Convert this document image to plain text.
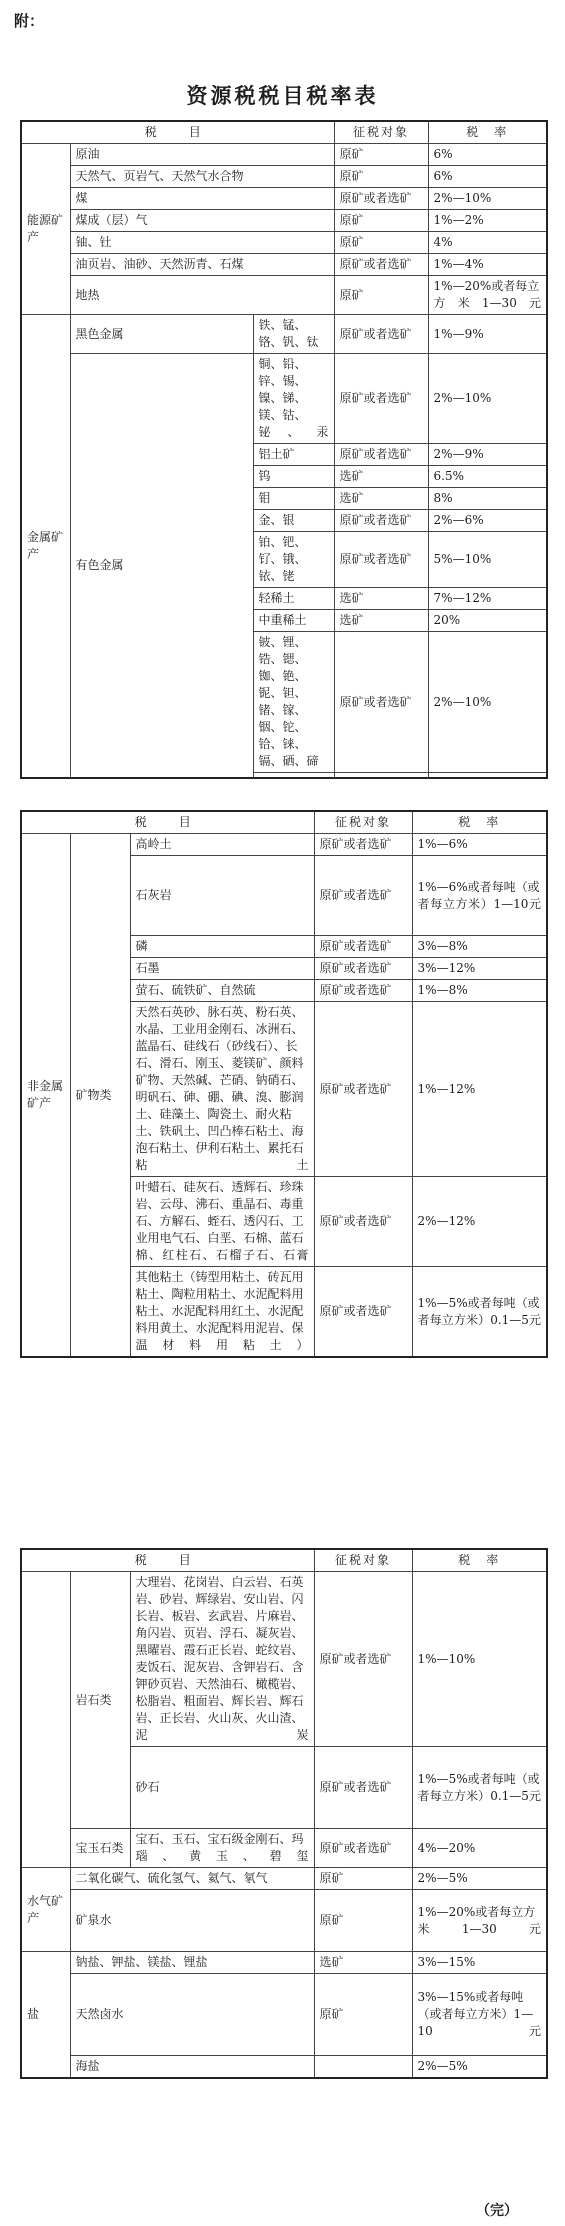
附：
资源税税目税率表
税　目			征税对象	税　率
能源矿产	原油		原矿	6%
	天然气、页岩气、天然气水合物		原矿	6%
	煤		原矿或者选矿	2%—10%
	煤成（层）气		原矿	1%—2%
	铀、钍		原矿	4%
	油页岩、油砂、天然沥青、石煤		原矿或者选矿	1%—4%
	地热		原矿	1%—20%或者每立方米1—30元
金属矿产	黑色金属	铁、锰、铬、钒、钛	原矿或者选矿	1%—9%
	有色金属	铜、铅、锌、锡、镍、锑、镁、钴、铋、汞	原矿或者选矿	2%—10%
		铝土矿	原矿或者选矿	2%—9%
		钨	选矿	6.5%
		钼	选矿	8%
		金、银	原矿或者选矿	2%—6%
		铂、钯、钌、锇、铱、铑	原矿或者选矿	5%—10%
		轻稀土	选矿	7%—12%
		中重稀土	选矿	20%
		铍、锂、锆、锶、铷、铯、铌、钽、锗、镓、铟、铊、铪、铼、镉、硒、碲	原矿或者选矿	2%—10%

税　目			征税对象	税　率
非金属矿产	矿物类	高岭土	原矿或者选矿	1%—6%
		石灰岩	原矿或者选矿	1%—6%或者每吨（或者每立方米）1—10元
		磷	原矿或者选矿	3%—8%
		石墨	原矿或者选矿	3%—12%
		萤石、硫铁矿、自然硫	原矿或者选矿	1%—8%
		天然石英砂、脉石英、粉石英、水晶、工业用金刚石、冰洲石、蓝晶石、硅线石（砂线石）、长石、滑石、刚玉、菱镁矿、颜料矿物、天然碱、芒硝、钠硝石、明矾石、砷、硼、碘、溴、膨润土、硅藻土、陶瓷土、耐火粘土、铁矾土、凹凸棒石粘土、海泡石粘土、伊利石粘土、累托石粘土	原矿或者选矿	1%—12%
		叶蜡石、硅灰石、透辉石、珍珠岩、云母、沸石、重晶石、毒重石、方解石、蛭石、透闪石、工业用电气石、白垩、石棉、蓝石棉、红柱石、石榴子石、石膏	原矿或者选矿	2%—12%
		其他粘土（铸型用粘土、砖瓦用粘土、陶粒用粘土、水泥配料用粘土、水泥配料用红土、水泥配料用黄土、水泥配料用泥岩、保温材料用粘土）	原矿或者选矿	1%—5%或者每吨（或者每立方米）0.1—5元
税　目			征税对象	税　率
	岩石类	大理岩、花岗岩、白云岩、石英岩、砂岩、辉绿岩、安山岩、闪长岩、板岩、玄武岩、片麻岩、角闪岩、页岩、浮石、凝灰岩、黑曜岩、霞石正长岩、蛇纹岩、麦饭石、泥灰岩、含钾岩石、含钾砂页岩、天然油石、橄榄岩、松脂岩、粗面岩、辉长岩、辉石岩、正长岩、火山灰、火山渣、泥炭	原矿或者选矿	1%—10%
		砂石	原矿或者选矿	1%—5%或者每吨（或者每立方米）0.1—5元
	宝玉石类	宝石、玉石、宝石级金刚石、玛瑙、黄玉、碧玺	原矿或者选矿	4%—20%
水气矿产	二氧化碳气、硫化氢气、氦气、氡气		原矿	2%—5%
	矿泉水		原矿	1%—20%或者每立方米1—30元
盐	钠盐、钾盐、镁盐、锂盐		选矿	3%—15%
	天然卤水		原矿	3%—15%或者每吨（或者每立方米）1—10元
	海盐			2%—5%
（完）
